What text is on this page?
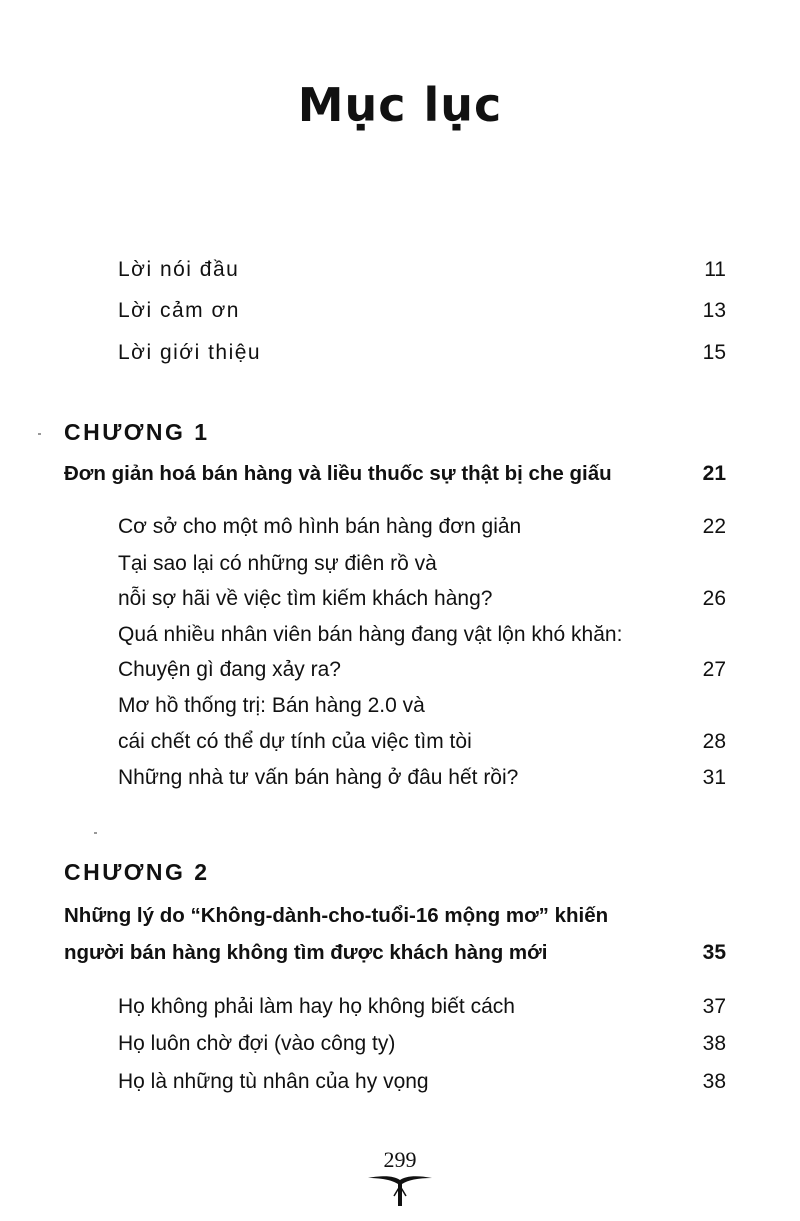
Mục lục
Lời nói đầu	11
Lời cảm ơn	13
Lời giới thiệu	15
CHƯƠNG 1
Đơn giản hoá bán hàng và liều thuốc sự thật bị che giấu	21
Cơ sở cho một mô hình bán hàng đơn giản	22
Tại sao lại có những sự điên rồ và
nỗi sợ hãi về việc tìm kiếm khách hàng?	26
Quá nhiều nhân viên bán hàng đang vật lộn khó khăn:
Chuyện gì đang xảy ra?	27
Mơ hồ thống trị: Bán hàng 2.0 và
cái chết có thể dự tính của việc tìm tòi	28
Những nhà tư vấn bán hàng ở đâu hết rồi?	31
CHƯƠNG 2
Những lý do “Không-dành-cho-tuổi-16 mộng mơ” khiến
người bán hàng không tìm được khách hàng mới	35
Họ không phải làm hay họ không biết cách	37
Họ luôn chờ đợi (vào công ty)	38
Họ là những tù nhân của hy vọng	38
299
